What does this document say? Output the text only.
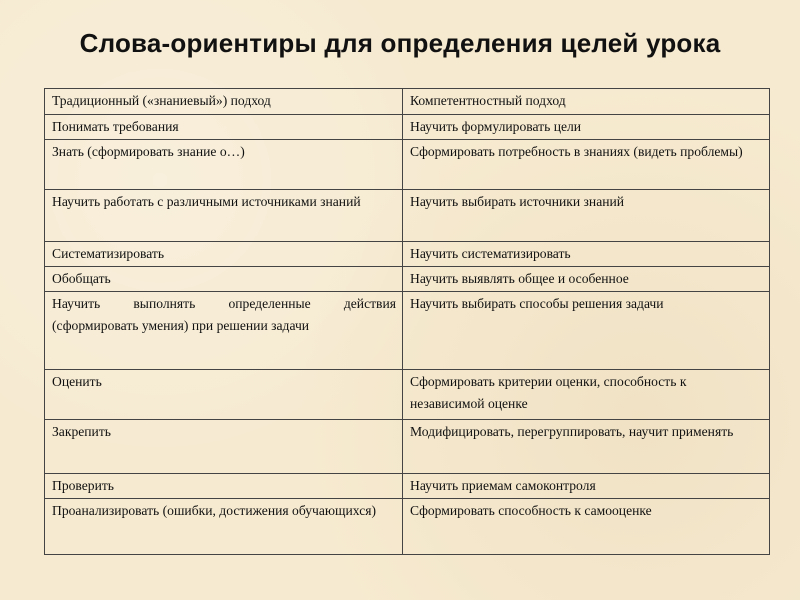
Слова-ориентиры для определения целей урока
Традиционный («знаниевый») подход	Компетентностный подход
Понимать требования	Научить формулировать цели
Знать (сформировать знание о…)	Сформировать потребность в знаниях (видеть проблемы)
Научить работать с различными источниками знаний	Научить выбирать источники знаний
Систематизировать	Научить систематизировать
Обобщать	Научить выявлять общее и особенное
Научить выполнять определенные действия (сформировать умения) при решении задачи	Научить выбирать способы решения задачи
Оценить	Сформировать критерии оценки, способность к независимой оценке
Закрепить	Модифицировать, перегруппировать, научит применять
Проверить	Научить приемам самоконтроля
Проанализировать (ошибки, достижения обучающихся)	Сформировать способность к самооценке
